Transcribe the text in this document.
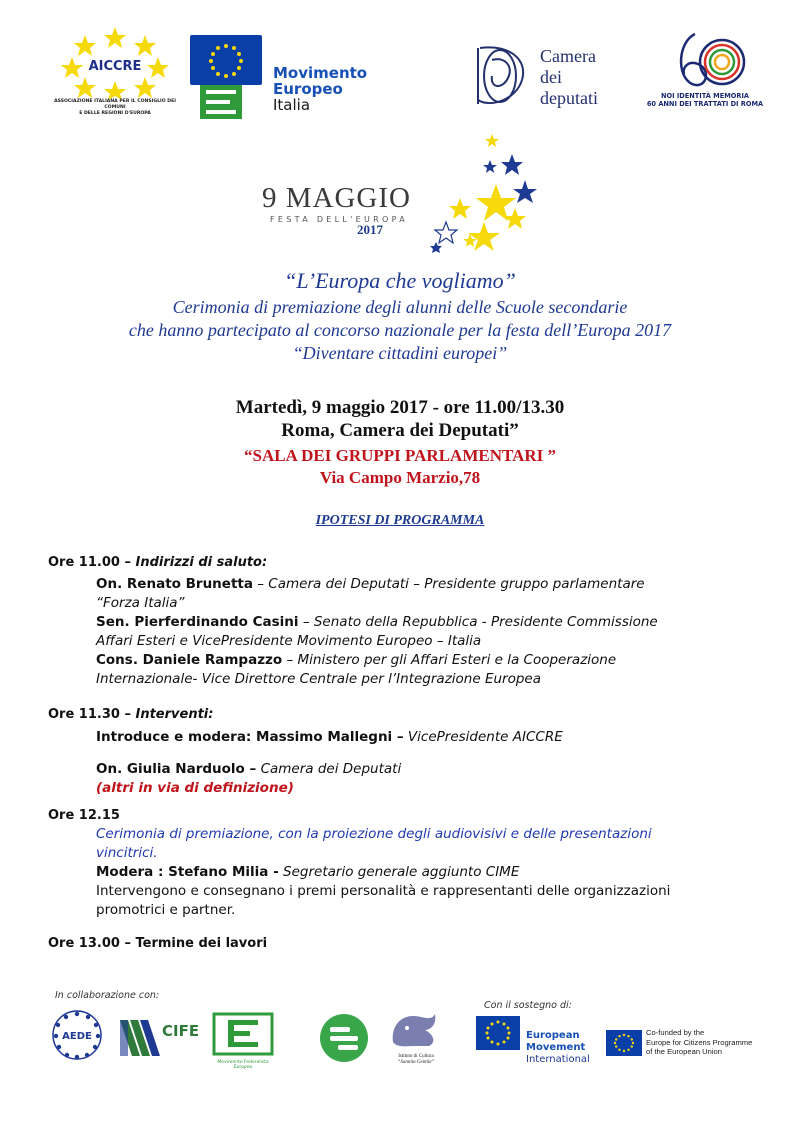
AICCRE
ASSOCIAZIONE ITALIANA PER IL CONSIGLIO DEI COMUNI
E DELLE REGIONI D'EUROPA
Movimento
Europeo
Italia
Camera
dei
deputati	NOI IDENTITÀ MEMORIA
60 ANNI DEI TRATTATI DI ROMA
9 MAGGIO
FESTA DELL'EUROPA
2017
“L’Europa che vogliamo”
Cerimonia di premiazione degli alunni delle Scuole secondarie
che hanno partecipato al concorso nazionale per la festa dell’Europa 2017
“Diventare cittadini europei”
Martedì, 9 maggio 2017 - ore 11.00/13.30
Roma, Camera dei Deputati”
“SALA DEI GRUPPI PARLAMENTARI ”
Via Campo Marzio,78
IPOTESI DI PROGRAMMA
Ore 11.00 – Indirizzi di saluto:
On. Renato Brunetta – Camera dei Deputati – Presidente gruppo parlamentare
“Forza Italia”
Sen. Pierferdinando Casini – Senato della Repubblica - Presidente Commissione
Affari Esteri e VicePresidente Movimento Europeo – Italia
Cons. Daniele Rampazzo – Ministero per gli Affari Esteri e la Cooperazione
Internazionale- Vice Direttore Centrale per l’Integrazione Europea
Ore 11.30 – Interventi:
Introduce e modera: Massimo Mallegni – VicePresidente AICCRE
On. Giulia Narduolo – Camera dei Deputati
(altri in via di definizione)
Ore 12.15
Cerimonia di premiazione, con la proiezione degli audiovisivi e delle presentazioni
vincitrici.
Modera : Stefano Milia - Segretario generale aggiunto CIME
Intervengono e consegnano i premi personalità e rappresentanti delle organizzazioni
promotrici e partner.
Ore 13.00 – Termine dei lavori
In collaborazione con:
Con il sostegno di:
AEDE	CIFE
Movimento Federalista Europeo
Istituto di Cultura
“Sannita Gentile”
European
Movement
International
Co-funded by the
Europe for Citizens Programme
of the European Union
